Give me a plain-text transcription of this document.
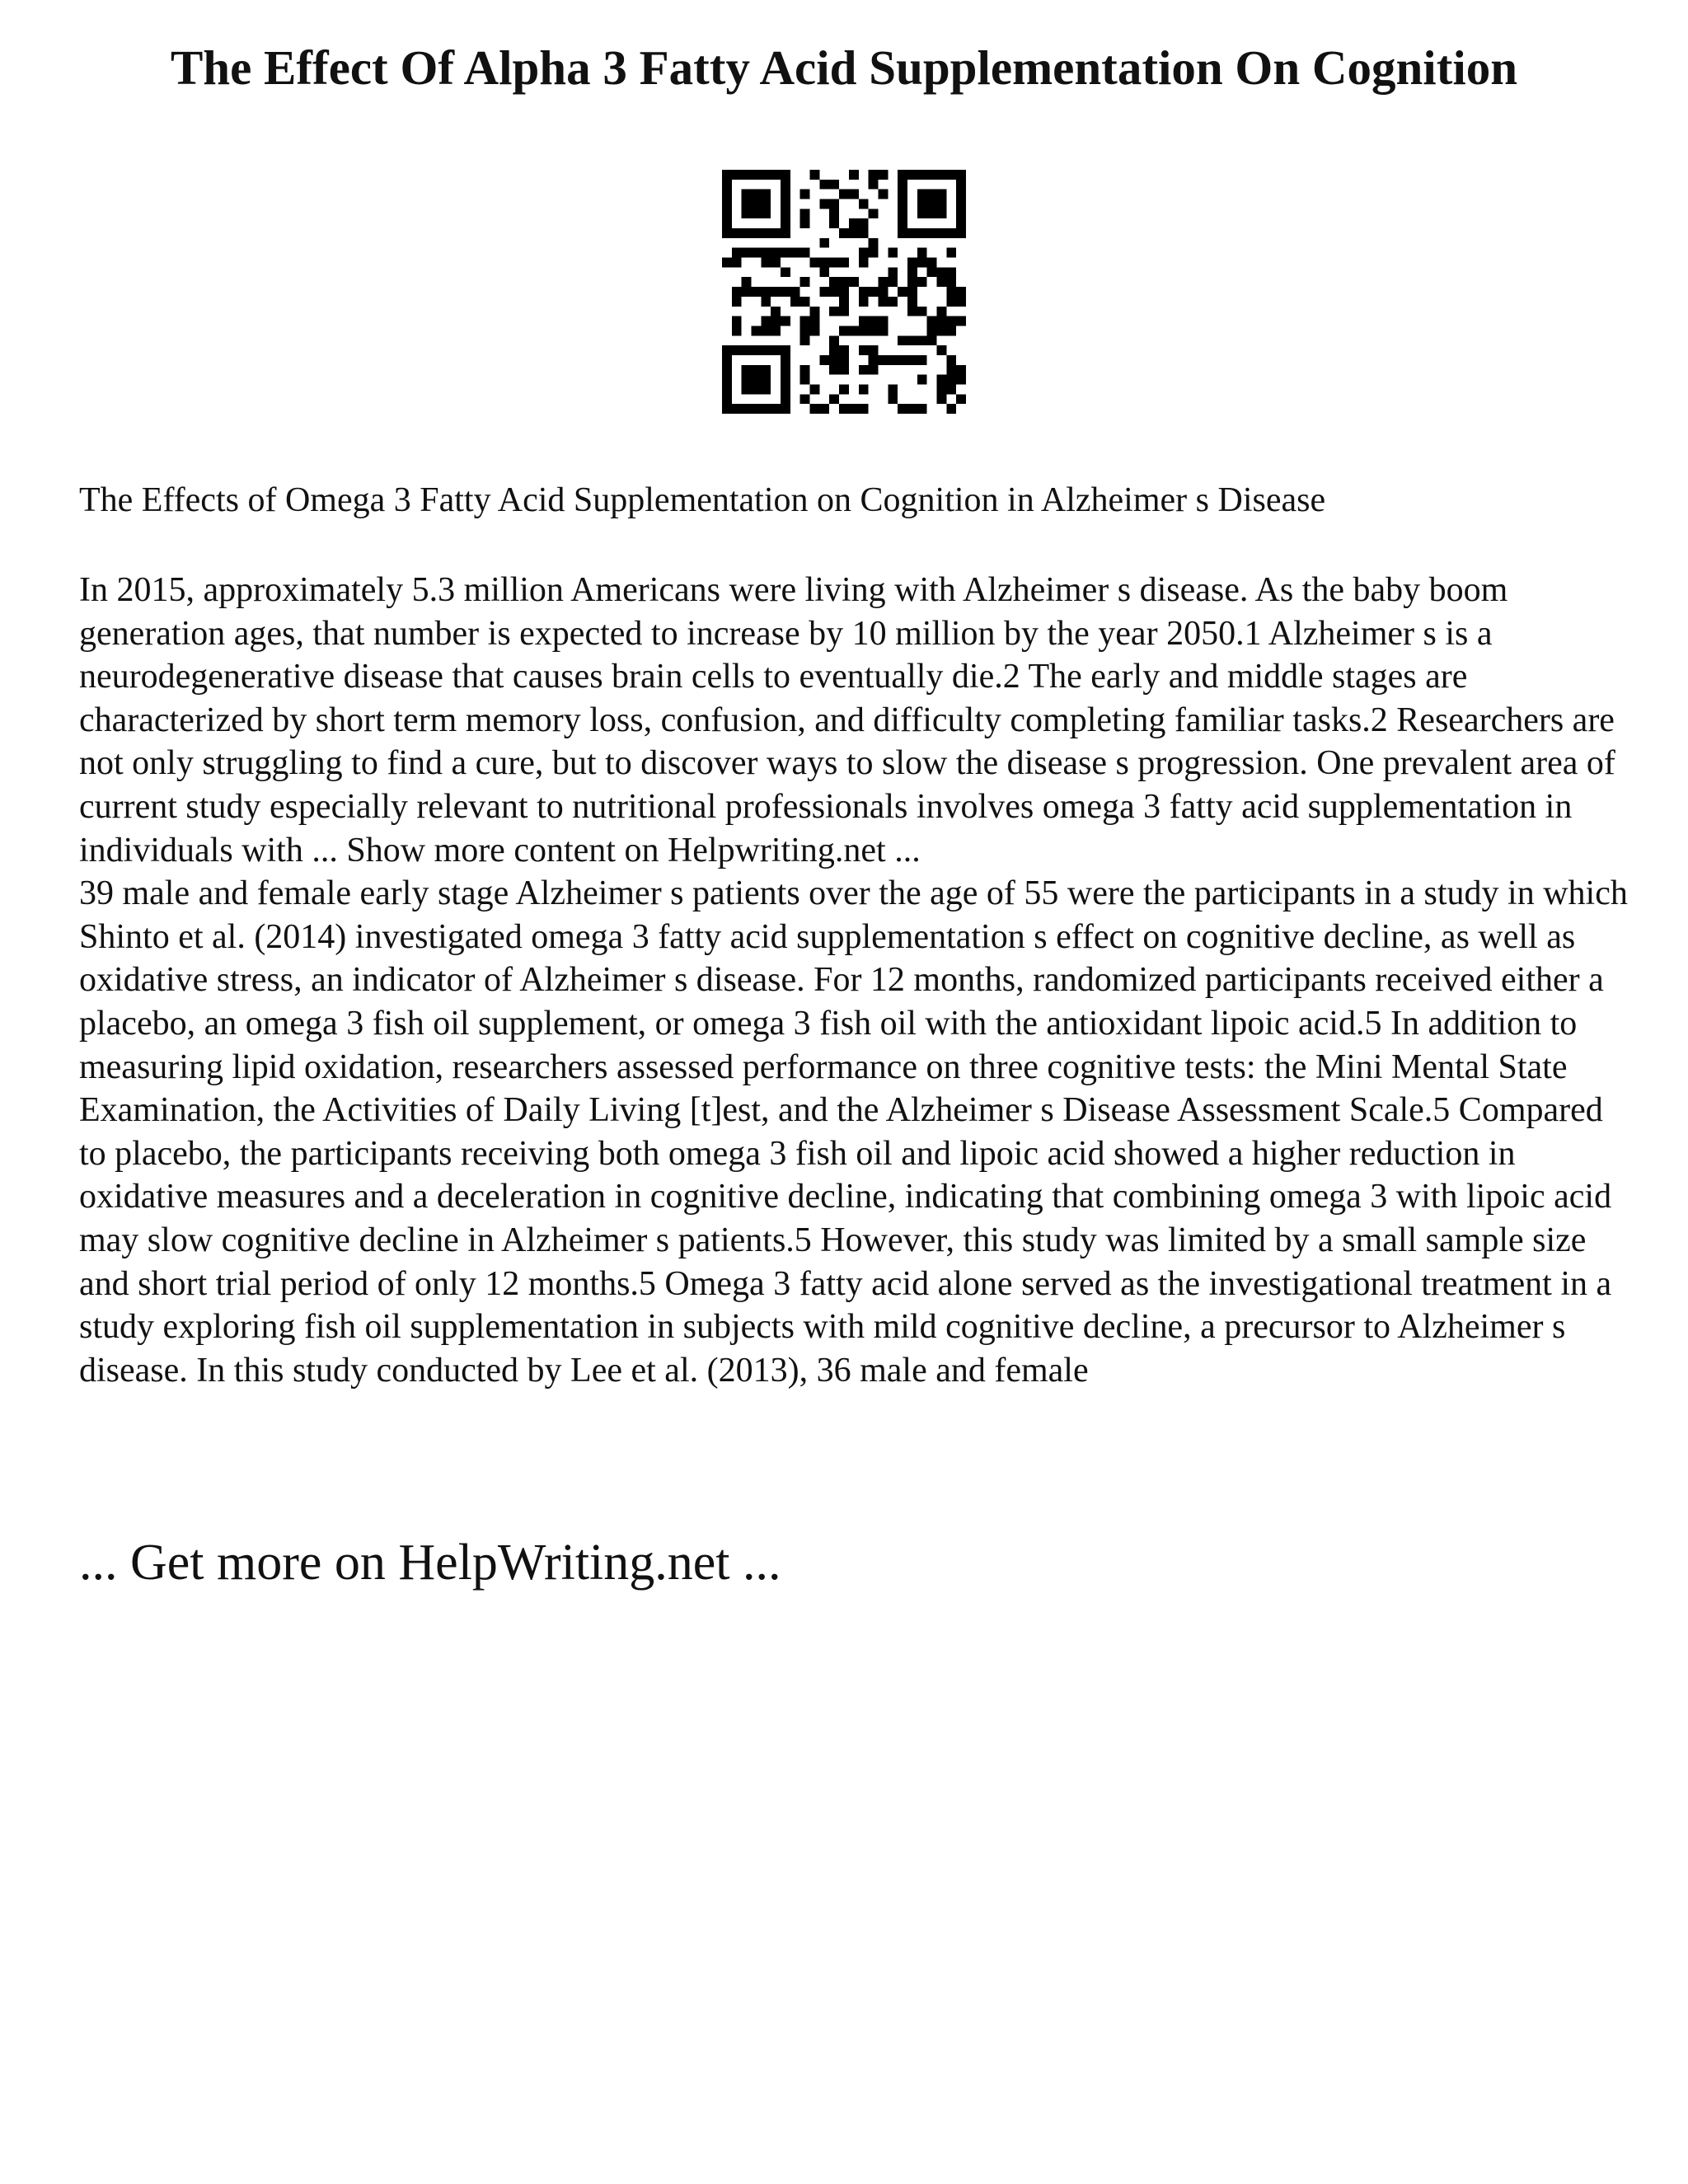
The Effect Of Alpha 3 Fatty Acid Supplementation On Cognition

The Effects of Omega 3 Fatty Acid Supplementation on Cognition in Alzheimer s Disease

In 2015, approximately 5.3 million Americans were living with Alzheimer s disease. As the baby boom generation ages, that number is expected to increase by 10 million by the year 2050.1 Alzheimer s is a neurodegenerative disease that causes brain cells to eventually die.2 The early and middle stages are characterized by short term memory loss, confusion, and difficulty completing familiar tasks.2 Researchers are not only struggling to find a cure, but to discover ways to slow the disease s progression. One prevalent area of current study especially relevant to nutritional professionals involves omega 3 fatty acid supplementation in individuals with ... Show more content on Helpwriting.net ...

39 male and female early stage Alzheimer s patients over the age of 55 were the participants in a study in which Shinto et al. (2014) investigated omega 3 fatty acid supplementation s effect on cognitive decline, as well as oxidative stress, an indicator of Alzheimer s disease. For 12 months, randomized participants received either a placebo, an omega 3 fish oil supplement, or omega 3 fish oil with the antioxidant lipoic acid.5 In addition to measuring lipid oxidation, researchers assessed performance on three cognitive tests: the Mini Mental State Examination, the Activities of Daily Living [t]est, and the Alzheimer s Disease Assessment Scale.5 Compared to placebo, the participants receiving both omega 3 fish oil and lipoic acid showed a higher reduction in oxidative measures and a deceleration in cognitive decline, indicating that combining omega 3 with lipoic acid may slow cognitive decline in Alzheimer s patients.5 However, this study was limited by a small sample size and short trial period of only 12 months.5 Omega 3 fatty acid alone served as the investigational treatment in a study exploring fish oil supplementation in subjects with mild cognitive decline, a precursor to Alzheimer s disease. In this study conducted by Lee et al. (2013), 36 male and female

... Get more on HelpWriting.net ...
